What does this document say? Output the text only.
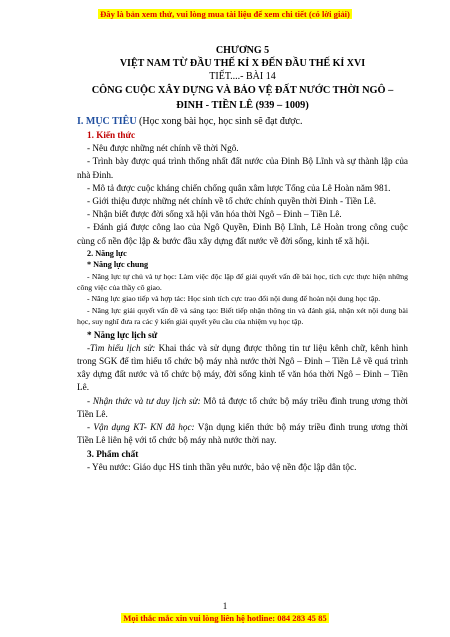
Đây là bản xem thử, vui lòng mua tài liệu để xem chi tiết (có lời giải)
CHƯƠNG 5
VIỆT NAM TỪ ĐẦU THẾ KỈ X ĐẾN ĐẦU THẾ KỈ XVI
TIẾT....- BÀI 14
CÔNG CUỘC XÂY DỰNG VÀ BẢO VỆ ĐẤT NƯỚC THỜI NGÔ –
ĐINH - TIỀN LÊ (939 – 1009)
I. MỤC TIÊU (Học xong bài học, học sinh sẽ đạt được.
1. Kiến thức

- Nêu được những nét chính về thời Ngô.

- Trình bày được quá trình thống nhất đất nước của Đinh Bộ Lĩnh và sự thành lập của nhà Đinh.

- Mô tả được cuộc kháng chiến chống quân xâm lược Tống của Lê Hoàn năm 981.

- Giới thiệu được những nét chính về tổ chức chính quyền thời Đinh - Tiền Lê.

- Nhận biết được đời sống xã hội văn hóa thời Ngô – Đinh – Tiền Lê.

- Đánh giá được công lao của Ngô Quyền, Đinh Bộ Lĩnh, Lê Hoàn trong công cuộc cùng cố nền độc lập & bước đầu xây dựng đất nước về đời sống, kinh tế xã hội.

2. Năng lực
* Năng lực chung

- Năng lực tự chủ và tự học: Làm việc độc lập để giải quyết vấn đề bài học, tích cực thực hiện những công việc của thầy cô giao.

- Năng lực giao tiếp và hợp tác: Học sinh tích cực trao đổi nội dung để hoàn nội dung học tập.

- Năng lực giải quyết vấn đề và sáng tạo: Biết tiếp nhận thông tin và đánh giá, nhận xét nội dung bài học, suy nghĩ đưa ra các ý kiến giải quyết yêu cầu của nhiệm vụ học tập.

* Năng lực lịch sử

-Tìm hiểu lịch sử: Khai thác và sử dụng được thông tin tư liệu kênh chữ, kênh hình trong SGK để tìm hiểu tổ chức bộ máy nhà nước thời Ngô – Đinh – Tiền Lê về quá trình xây dựng đất nước và tổ chức bộ máy, đời sống kinh tế văn hóa thời Ngô – Đinh – Tiền Lê.

- Nhận thức và tư duy lịch sử: Mô tả được tổ chức bộ máy triều đình trung ương thời Tiền Lê.

- Vận dụng KT- KN đã học: Vận dụng kiến thức bộ máy triều đình trung ương thời Tiền Lê liên hệ với tổ chức bộ máy nhà nước thời nay.

3. Phẩm chất

- Yêu nước: Giáo dục HS tinh thần yêu nước, bảo vệ nền độc lập dân tộc.

1
Mọi thắc mắc xin vui lòng liên hệ hotline: 084 283 45 85
